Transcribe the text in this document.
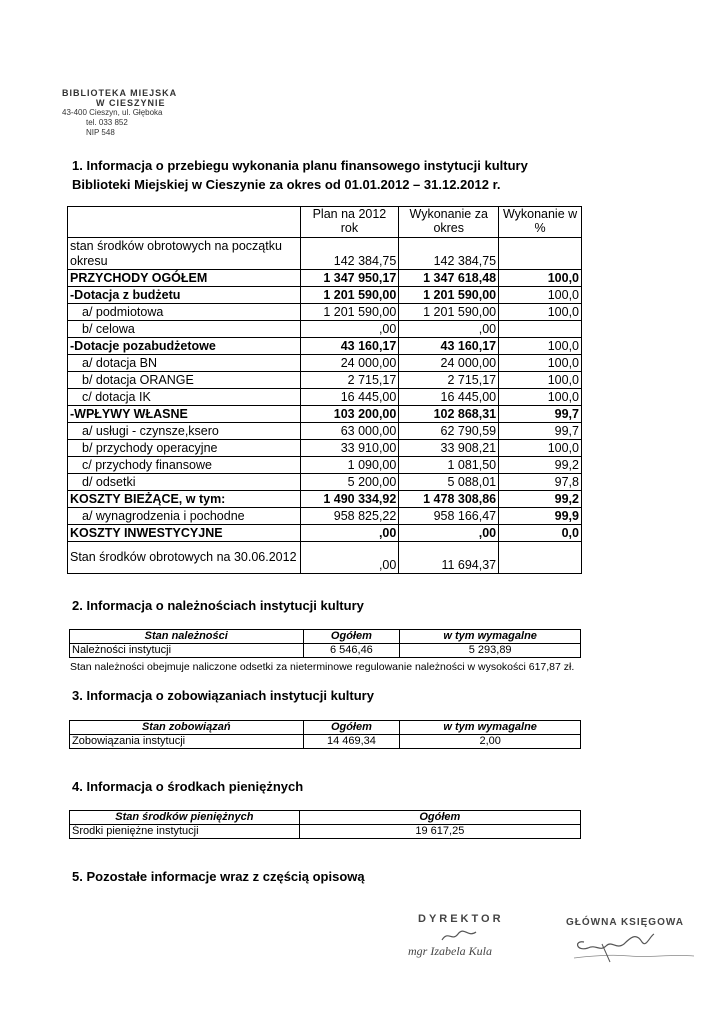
BIBLIOTEKA MIEJSKA
W CIESZYNIE
43-400 Cieszyn, ul. Głęboka
tel. 033 852
NIP 548
1. Informacja o przebiegu wykonania planu finansowego instytucji kultury
Biblioteki Miejskiej w Cieszynie za okres od 01.01.2012 – 31.12.2012 r.
	Plan na 2012 rok	Wykonanie za okres	Wykonanie w %
stan środków obrotowych na początku okresu	142 384,75	142 384,75	
PRZYCHODY OGÓŁEM	1 347 950,17	1 347 618,48	100,0
-Dotacja z budżetu	1 201 590,00	1 201 590,00	100,0
a/ podmiotowa	1 201 590,00	1 201 590,00	100,0
b/ celowa	,00	,00	
-Dotacje pozabudżetowe	43 160,17	43 160,17	100,0
a/ dotacja BN	24 000,00	24 000,00	100,0
b/ dotacja ORANGE	2 715,17	2 715,17	100,0
c/ dotacja IK	16 445,00	16 445,00	100,0
-WPŁYWY WŁASNE	103 200,00	102 868,31	99,7
a/ usługi - czynsze,ksero	63 000,00	62 790,59	99,7
b/ przychody operacyjne	33 910,00	33 908,21	100,0
c/ przychody finansowe	1 090,00	1 081,50	99,2
d/ odsetki	5 200,00	5 088,01	97,8
KOSZTY BIEŻĄCE, w tym:	1 490 334,92	1 478 308,86	99,2
a/ wynagrodzenia i pochodne	958 825,22	958 166,47	99,9
KOSZTY INWESTYCYJNE	,00	,00	0,0
Stan środków obrotowych na 30.06.2012	,00	11 694,37	
2. Informacja o należnościach instytucji kultury
Stan należności	Ogółem	w tym wymagalne
Należności instytucji	6 546,46	5 293,89
Stan należności obejmuje naliczone odsetki za nieterminowe regulowanie należności w wysokości 617,87 zł.
3. Informacja o zobowiązaniach instytucji kultury
Stan zobowiązań	Ogółem	w tym wymagalne
Zobowiązania instytucji	14 469,34	2,00
4. Informacja o środkach pieniężnych
Stan środków pieniężnych	Ogółem
Środki pieniężne instytucji	19 617,25
5. Pozostałe informacje wraz z częścią opisową
DYREKTOR
mgr Izabela Kula
GŁÓWNA KSIĘGOWA
